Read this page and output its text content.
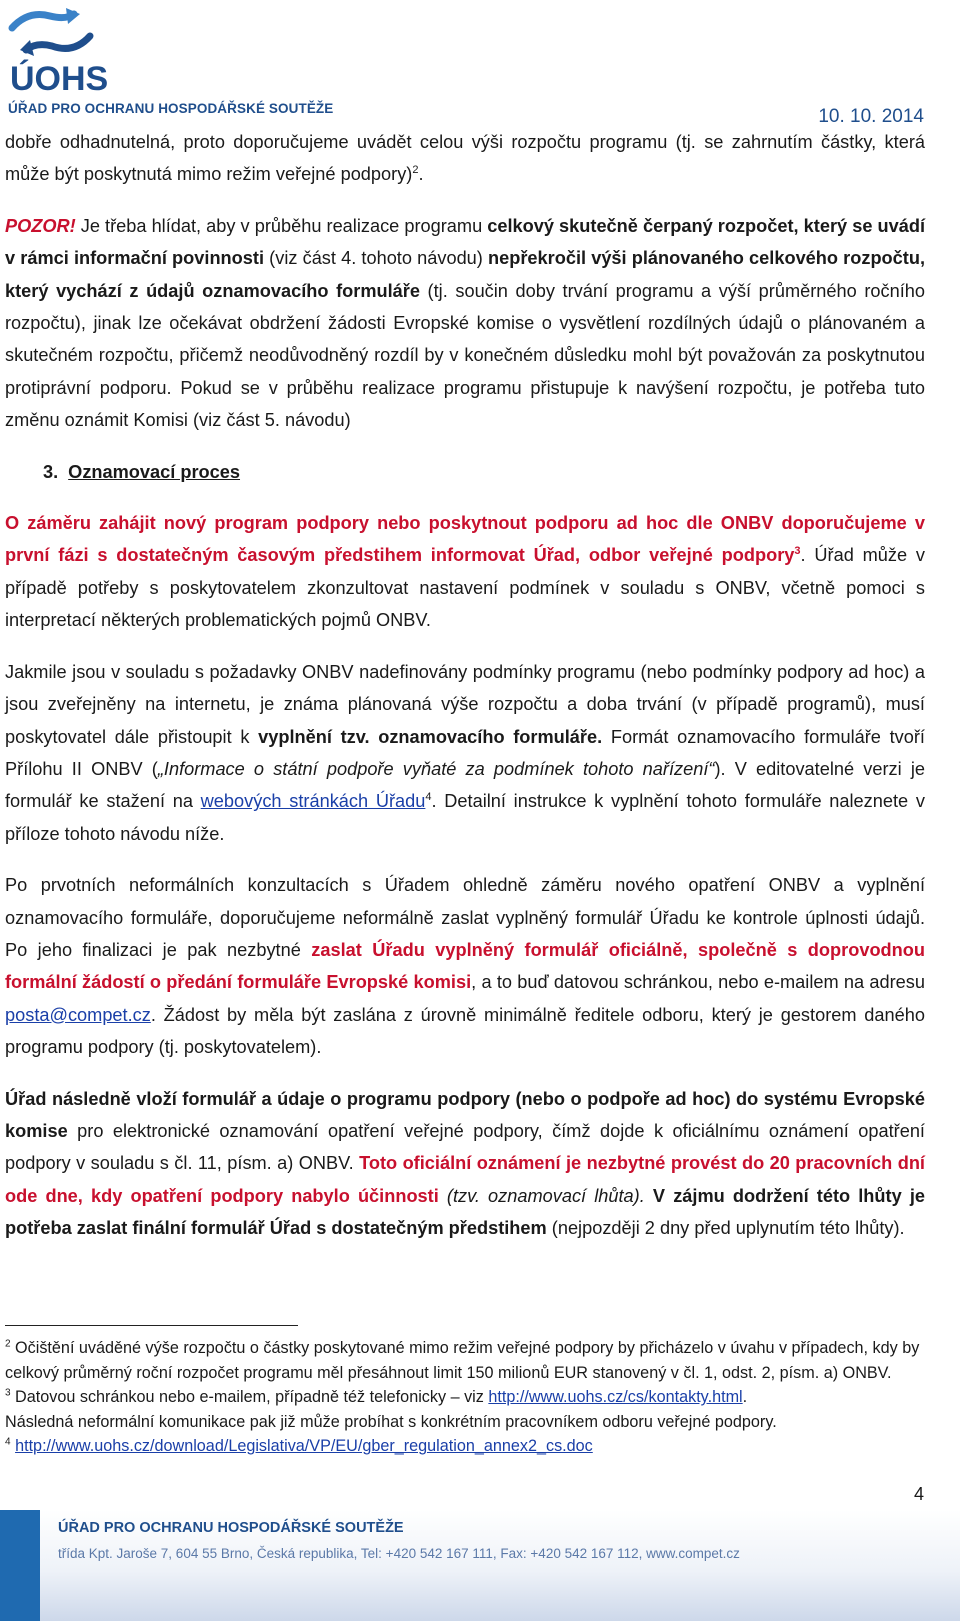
ÚOHS
ÚŘAD PRO OCHRANU HOSPODÁŘSKÉ SOUTĚŽE	10. 10. 2014

dobře odhadnutelná, proto doporučujeme uvádět celou výši rozpočtu programu (tj. se zahrnutím částky, která může být poskytnutá mimo režim veřejné podpory)$^2$.

POZOR! Je třeba hlídat, aby v průběhu realizace programu celkový skutečně čerpaný rozpočet, který se uvádí v rámci informační povinnosti (viz část 4. tohoto návodu) nepřekročil výši plánovaného celkového rozpočtu, který vychází z údajů oznamovacího formuláře (tj. součin doby trvání programu a výší průměrného ročního rozpočtu), jinak lze očekávat obdržení žádosti Evropské komise o vysvětlení rozdílných údajů o plánovaném a skutečném rozpočtu, přičemž neodůvodněný rozdíl by v konečném důsledku mohl být považován za poskytnutou protiprávní podporu. Pokud se v průběhu realizace programu přistupuje k navýšení rozpočtu, je potřeba tuto změnu oznámit Komisi (viz část 5. návodu)

3. Oznamovací proces

O záměru zahájit nový program podpory nebo poskytnout podporu ad hoc dle ONBV doporučujeme v první fázi s dostatečným časovým předstihem informovat Úřad, odbor veřejné podpory$^3$. Úřad může v případě potřeby s poskytovatelem zkonzultovat nastavení podmínek v souladu s ONBV, včetně pomoci s interpretací některých problematických pojmů ONBV.

Jakmile jsou v souladu s požadavky ONBV nadefinovány podmínky programu (nebo podmínky podpory ad hoc) a jsou zveřejněny na internetu, je známa plánovaná výše rozpočtu a doba trvání (v případě programů), musí poskytovatel dále přistoupit k vyplnění tzv. oznamovacího formuláře. Formát oznamovacího formuláře tvoří Přílohu II ONBV („Informace o státní podpoře vyňaté za podmínek tohoto nařízení“). V editovatelné verzi je formulář ke stažení na webových stránkách Úřadu$^4$. Detailní instrukce k vyplnění tohoto formuláře naleznete v příloze tohoto návodu níže.

Po prvotních neformálních konzultacích s Úřadem ohledně záměru nového opatření ONBV a vyplnění oznamovacího formuláře, doporučujeme neformálně zaslat vyplněný formulář Úřadu ke kontrole úplnosti údajů. Po jeho finalizaci je pak nezbytné zaslat Úřadu vyplněný formulář oficiálně, společně s doprovodnou formální žádostí o předání formuláře Evropské komisi, a to buď datovou schránkou, nebo e-mailem na adresu posta@compet.cz. Žádost by měla být zaslána z úrovně minimálně ředitele odboru, který je gestorem daného programu podpory (tj. poskytovatelem).

Úřad následně vloží formulář a údaje o programu podpory (nebo o podpoře ad hoc) do systému Evropské komise pro elektronické oznamování opatření veřejné podpory, čímž dojde k oficiálnímu oznámení opatření podpory v souladu s čl. 11, písm. a) ONBV. Toto oficiální oznámení je nezbytné provést do 20 pracovních dní ode dne, kdy opatření podpory nabylo účinnosti (tzv. oznamovací lhůta). V zájmu dodržení této lhůty je potřeba zaslat finální formulář Úřad s dostatečným předstihem (nejpozději 2 dny před uplynutím této lhůty).

$^2$ Očištění uváděné výše rozpočtu o částky poskytované mimo režim veřejné podpory by přicházelo v úvahu v případech, kdy by celkový průměrný roční rozpočet programu měl přesáhnout limit 150 milionů EUR stanovený v čl. 1, odst. 2, písm. a) ONBV.

$^3$ Datovou schránkou nebo e-mailem, případně též telefonicky – viz http://www.uohs.cz/cs/kontakty.html.
Následná neformální komunikace pak již může probíhat s konkrétním pracovníkem odboru veřejné podpory.

$^4$ http://www.uohs.cz/download/Legislativa/VP/EU/gber_regulation_annex2_cs.doc

4
ÚŘAD PRO OCHRANU HOSPODÁŘSKÉ SOUTĚŽE
třída Kpt. Jaroše 7, 604 55 Brno, Česká republika, Tel: +420 542 167 111, Fax: +420 542 167 112, www.compet.cz
